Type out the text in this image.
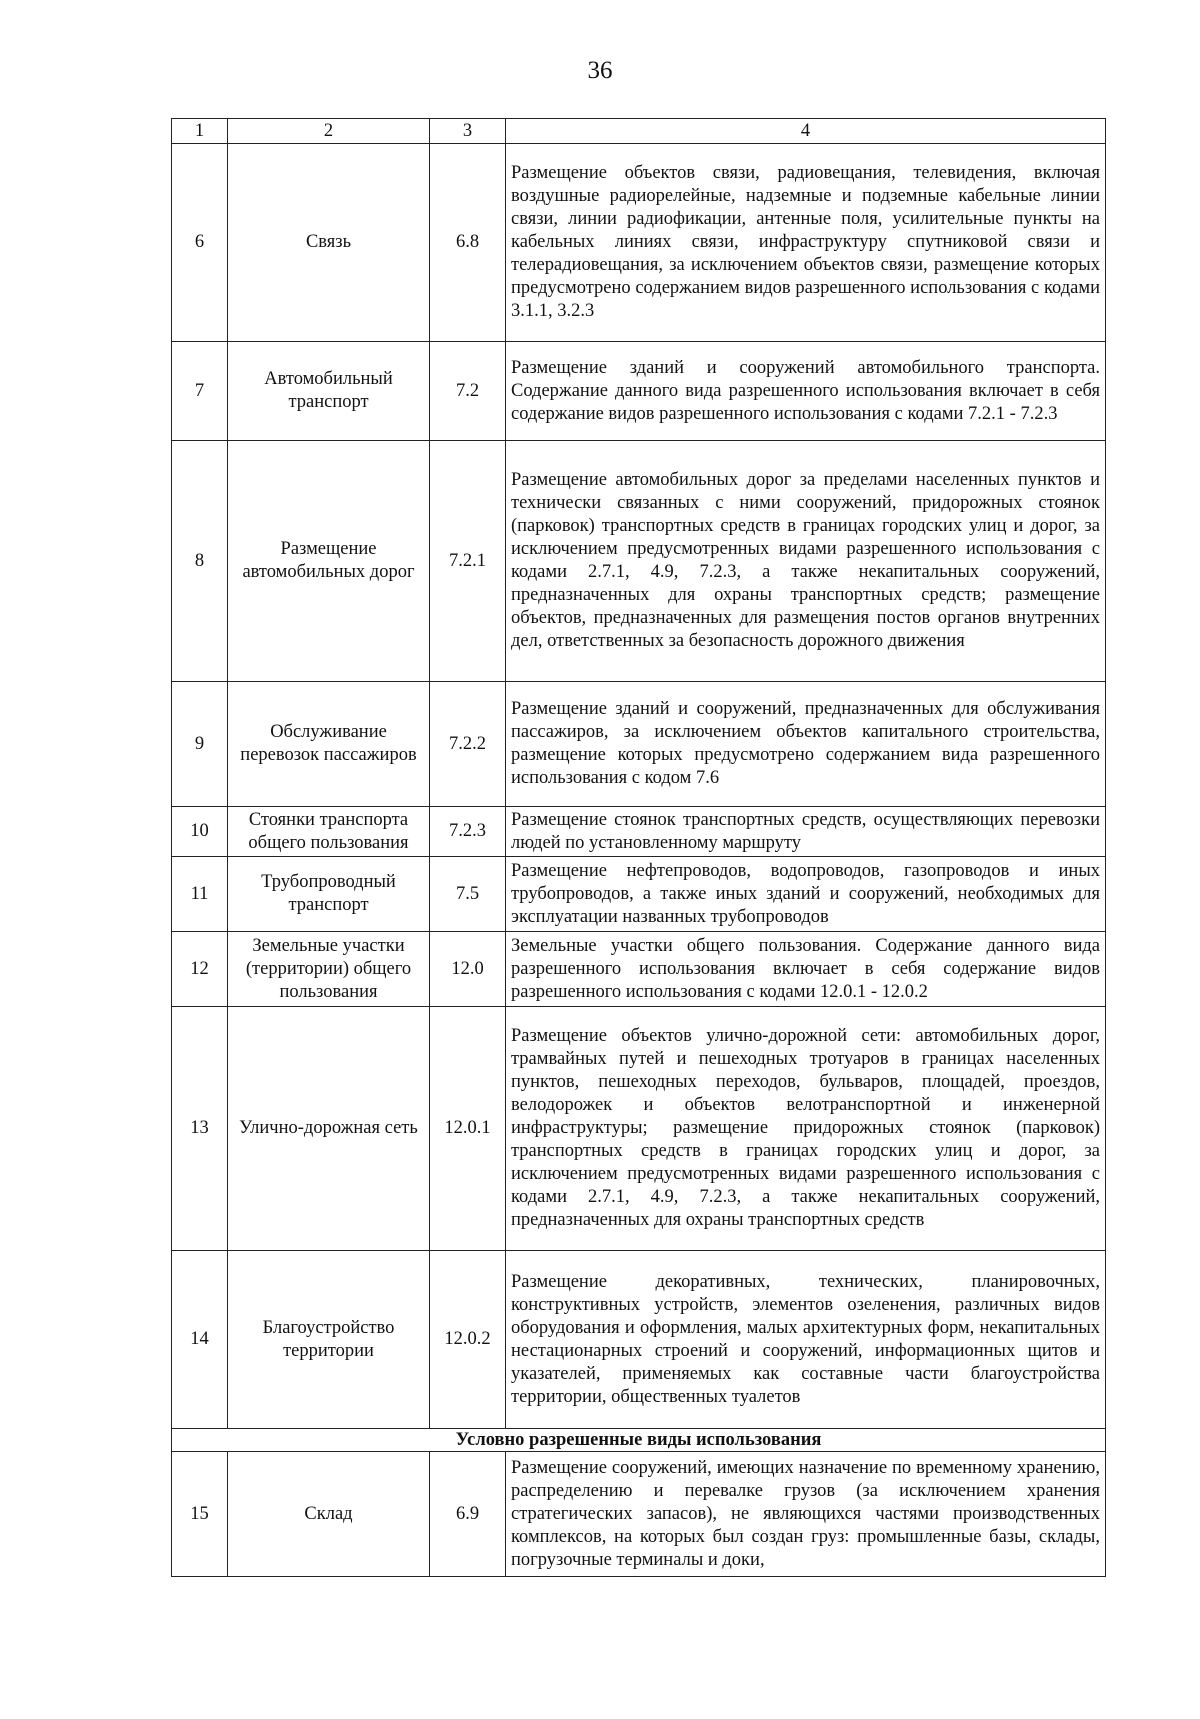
36
1	2	3	4
6	Связь	6.8	Размещение объектов связи, радиовещания, телевидения, включая воздушные радиорелейные, надземные и подземные кабельные линии связи, линии радиофикации, антенные поля, усилительные пункты на кабельных линиях связи, инфраструктуру спутниковой связи и телерадиовещания, за исключением объектов связи, размещение которых предусмотрено содержанием видов разрешенного использования с кодами 3.1.1, 3.2.3
7	Автомобильный транспорт	7.2	Размещение зданий и сооружений автомобильного транспорта. Содержание данного вида разрешенного использования включает в себя содержание видов разрешенного использования с кодами 7.2.1 - 7.2.3
8	Размещение автомобильных дорог	7.2.1	Размещение автомобильных дорог за пределами населенных пунктов и технически связанных с ними сооружений, придорожных стоянок (парковок) транспортных средств в границах городских улиц и дорог, за исключением предусмотренных видами разрешенного использования с кодами 2.7.1, 4.9, 7.2.3, а также некапитальных сооружений, предназначенных для охраны транспортных средств; размещение объектов, предназначенных для размещения постов органов внутренних дел, ответственных за безопасность дорожного движения
9	Обслуживание перевозок пассажиров	7.2.2	Размещение зданий и сооружений, предназначенных для обслуживания пассажиров, за исключением объектов капитального строительства, размещение которых предусмотрено содержанием вида разрешенного использования с кодом 7.6
10	Стоянки транспорта общего пользования	7.2.3	Размещение стоянок транспортных средств, осуществляющих перевозки людей по установленному маршруту
11	Трубопроводный транспорт	7.5	Размещение нефтепроводов, водопроводов, газопроводов и иных трубопроводов, а также иных зданий и сооружений, необходимых для эксплуатации названных трубопроводов
12	Земельные участки (территории) общего пользования	12.0	Земельные участки общего пользования. Содержание данного вида разрешенного использования включает в себя содержание видов разрешенного использования с кодами 12.0.1 - 12.0.2
13	Улично-дорожная сеть	12.0.1	Размещение объектов улично-дорожной сети: автомобильных дорог, трамвайных путей и пешеходных тротуаров в границах населенных пунктов, пешеходных переходов, бульваров, площадей, проездов, велодорожек и объектов велотранспортной и инженерной инфраструктуры; размещение придорожных стоянок (парковок) транспортных средств в границах городских улиц и дорог, за исключением предусмотренных видами разрешенного использования с кодами 2.7.1, 4.9, 7.2.3, а также некапитальных сооружений, предназначенных для охраны транспортных средств
14	Благоустройство территории	12.0.2	Размещение декоративных, технических, планировочных, конструктивных устройств, элементов озеленения, различных видов оборудования и оформления, малых архитектурных форм, некапитальных нестационарных строений и сооружений, информационных щитов и указателей, применяемых как составные части благоустройства территории, общественных туалетов
Условно разрешенные виды использования			
15	Склад	6.9	Размещение сооружений, имеющих назначение по временному хранению, распределению и перевалке грузов (за исключением хранения стратегических запасов), не являющихся частями производственных комплексов, на которых был создан груз: промышленные базы, склады, погрузочные терминалы и доки,
